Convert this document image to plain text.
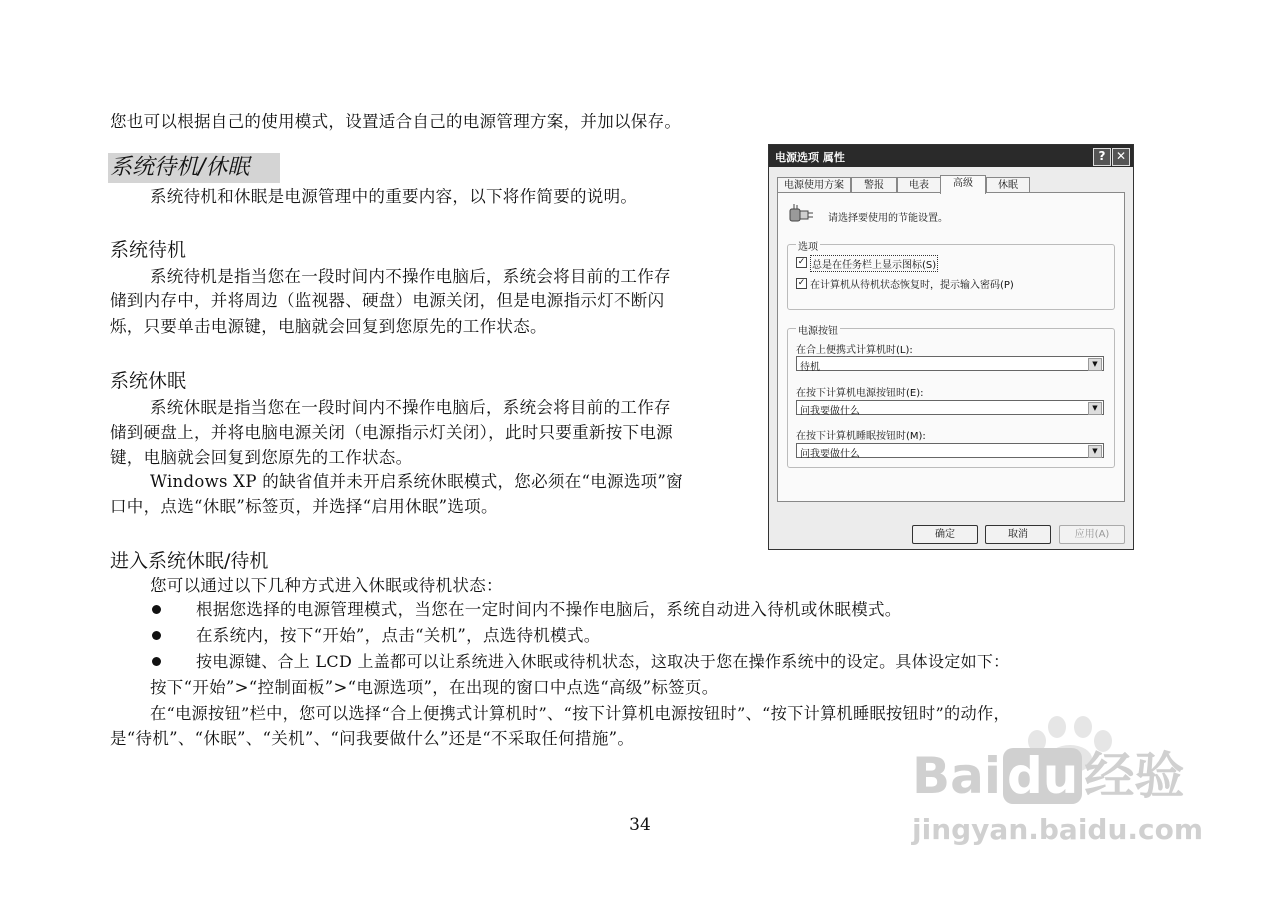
您也可以根据自己的使用模式，设置适合自己的电源管理方案，并加以保存。
系统待机/休眠
系统待机和休眠是电源管理中的重要内容，以下将作简要的说明。
系统待机
系统待机是指当您在一段时间内不操作电脑后，系统会将目前的工作存
储到内存中，并将周边（监视器、硬盘）电源关闭，但是电源指示灯不断闪
烁，只要单击电源键，电脑就会回复到您原先的工作状态。
系统休眠
系统休眠是指当您在一段时间内不操作电脑后，系统会将目前的工作存
储到硬盘上，并将电脑电源关闭（电源指示灯关闭），此时只要重新按下电源
键，电脑就会回复到您原先的工作状态。
Windows XP 的缺省值并未开启系统休眠模式，您必须在“电源选项”窗
口中，点选“休眠”标签页，并选择“启用休眠”选项。
进入系统休眠/待机
您可以通过以下几种方式进入休眠或待机状态：
根据您选择的电源管理模式，当您在一定时间内不操作电脑后，系统自动进入待机或休眠模式。
在系统内，按下“开始”，点击“关机”，点选待机模式。
按电源键、合上 LCD 上盖都可以让系统进入休眠或待机状态，这取决于您在操作系统中的设定。具体设定如下：
按下“开始”>“控制面板”>“电源选项”，在出现的窗口中点选“高级”标签页。
在“电源按钮”栏中，您可以选择“合上便携式计算机时”、“按下计算机电源按钮时”、“按下计算机睡眠按钮时”的动作，
是“待机”、“休眠”、“关机”、“问我要做什么”还是“不采取任何措施”。
34
电源选项 属性	? ✕
电源使用方案	警报	电表	高级	休眠
请选择要使用的节能设置。
选项
✓ 总是在任务栏上显示图标(S)
✓ 在计算机从待机状态恢复时，提示输入密码(P)
电源按钮
在合上便携式计算机时(L):
待机	▼
在按下计算机电源按钮时(E):
问我要做什么	▼
在按下计算机睡眠按钮时(M):
问我要做什么	▼
确定	取消	应用(A)
Bai du 经验
jingyan.baidu.com
